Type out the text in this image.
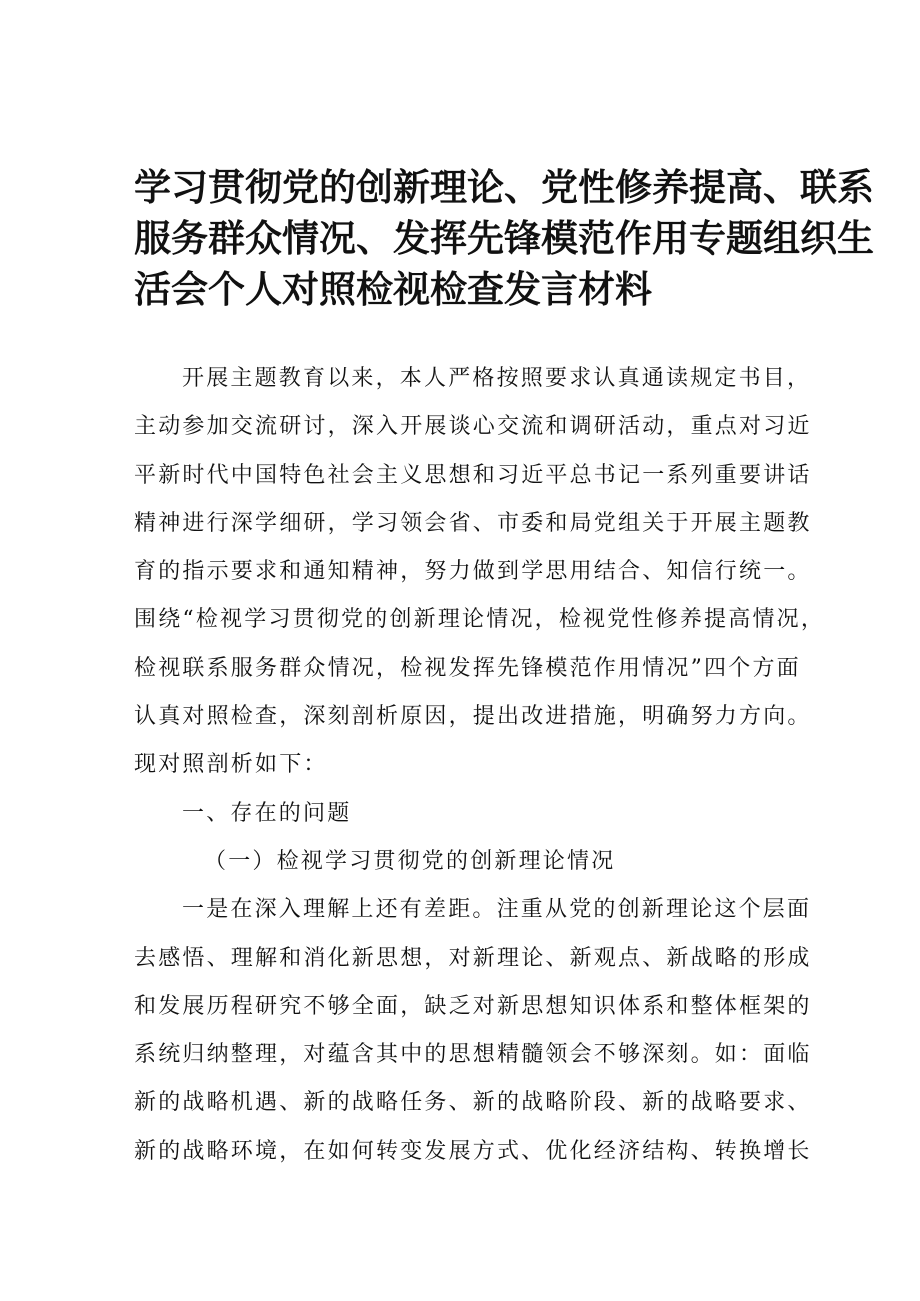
学习贯彻党的创新理论、党性修养提高、联系
服务群众情况、发挥先锋模范作用专题组织生
活会个人对照检视检查发言材料
开展主题教育以来，本人严格按照要求认真通读规定书目，
主动参加交流研讨，深入开展谈心交流和调研活动，重点对习近
平新时代中国特色社会主义思想和习近平总书记一系列重要讲话
精神进行深学细研，学习领会省、市委和局党组关于开展主题教
育的指示要求和通知精神，努力做到学思用结合、知信行统一。
围绕“检视学习贯彻党的创新理论情况，检视党性修养提高情况，
检视联系服务群众情况，检视发挥先锋模范作用情况”四个方面
认真对照检查，深刻剖析原因，提出改进措施，明确努力方向。
现对照剖析如下：
一、存在的问题
（一）检视学习贯彻党的创新理论情况
一是在深入理解上还有差距。注重从党的创新理论这个层面
去感悟、理解和消化新思想，对新理论、新观点、新战略的形成
和发展历程研究不够全面，缺乏对新思想知识体系和整体框架的
系统归纳整理，对蕴含其中的思想精髓领会不够深刻。如：面临
新的战略机遇、新的战略任务、新的战略阶段、新的战略要求、
新的战略环境，在如何转变发展方式、优化经济结构、转换增长
